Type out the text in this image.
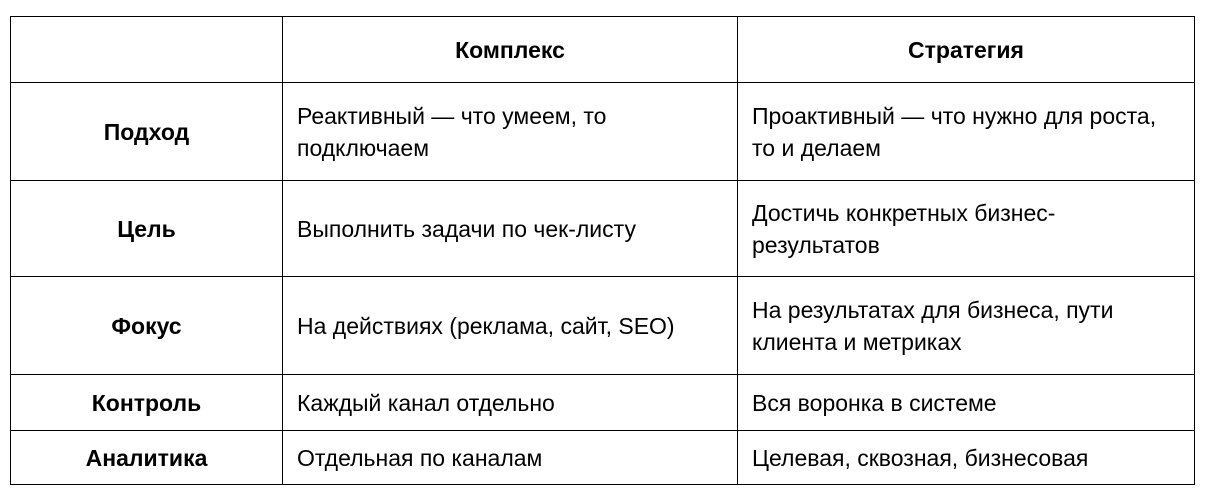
	Комплекс	Стратегия
Подход	Реактивный — что умеем, то подключаем	Проактивный — что нужно для роста, то и делаем
Цель	Выполнить задачи по чек-листу	Достичь конкретных бизнес-результатов
Фокус	На действиях (реклама, сайт, SEO)	На результатах для бизнеса, пути клиента и метриках
Контроль	Каждый канал отдельно	Вся воронка в системе
Аналитика	Отдельная по каналам	Целевая, сквозная, бизнесовая
